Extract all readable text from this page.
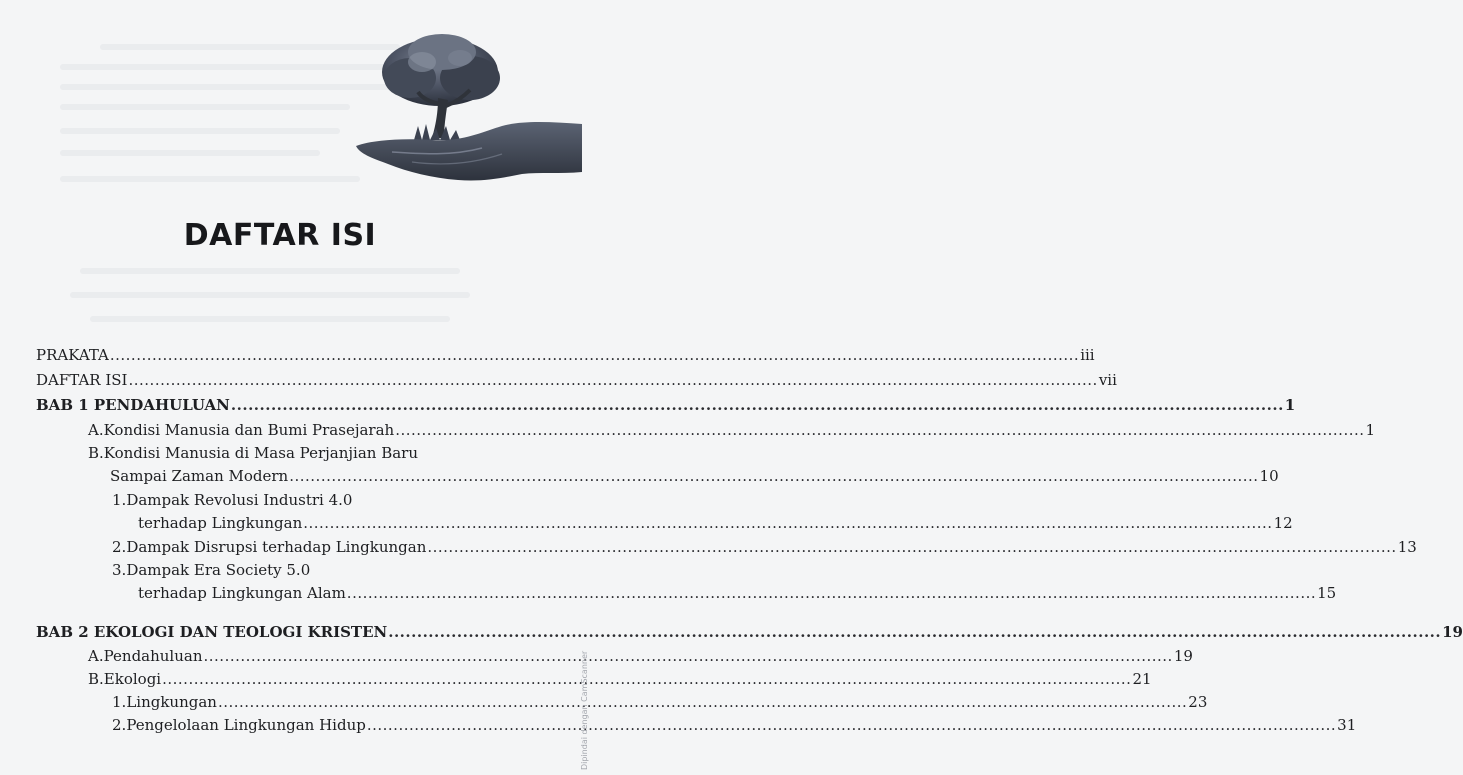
DAFTAR ISI
PRAKATA ........................................................................................................................................................................................ iii
DAFTAR ISI ........................................................................................................................................................................................ vii
BAB 1 PENDAHULUAN ........................................................................................................................................................................................ 1
A. Kondisi Manusia dan Bumi Prasejarah ........................................................................................................................................................................................ 1
B.Kondisi Manusia di Masa Perjanjian Baru
Sampai Zaman Modern ........................................................................................................................................................................................ 10
1.Dampak Revolusi Industri 4.0
terhadap Lingkungan ........................................................................................................................................................................................ 12
2. Dampak Disrupsi terhadap Lingkungan ........................................................................................................................................................................................ 13
3.Dampak Era Society 5.0
terhadap Lingkungan Alam ........................................................................................................................................................................................ 15
BAB 2 EKOLOGI DAN TEOLOGI KRISTEN ........................................................................................................................................................................................ 19
A. Pendahuluan ........................................................................................................................................................................................ 19
B. Ekologi ........................................................................................................................................................................................ 21
1. Lingkungan ........................................................................................................................................................................................ 23
2. Pengelolaan Lingkungan Hidup ........................................................................................................................................................................................ 31
Dipindai dengan CamScanner
